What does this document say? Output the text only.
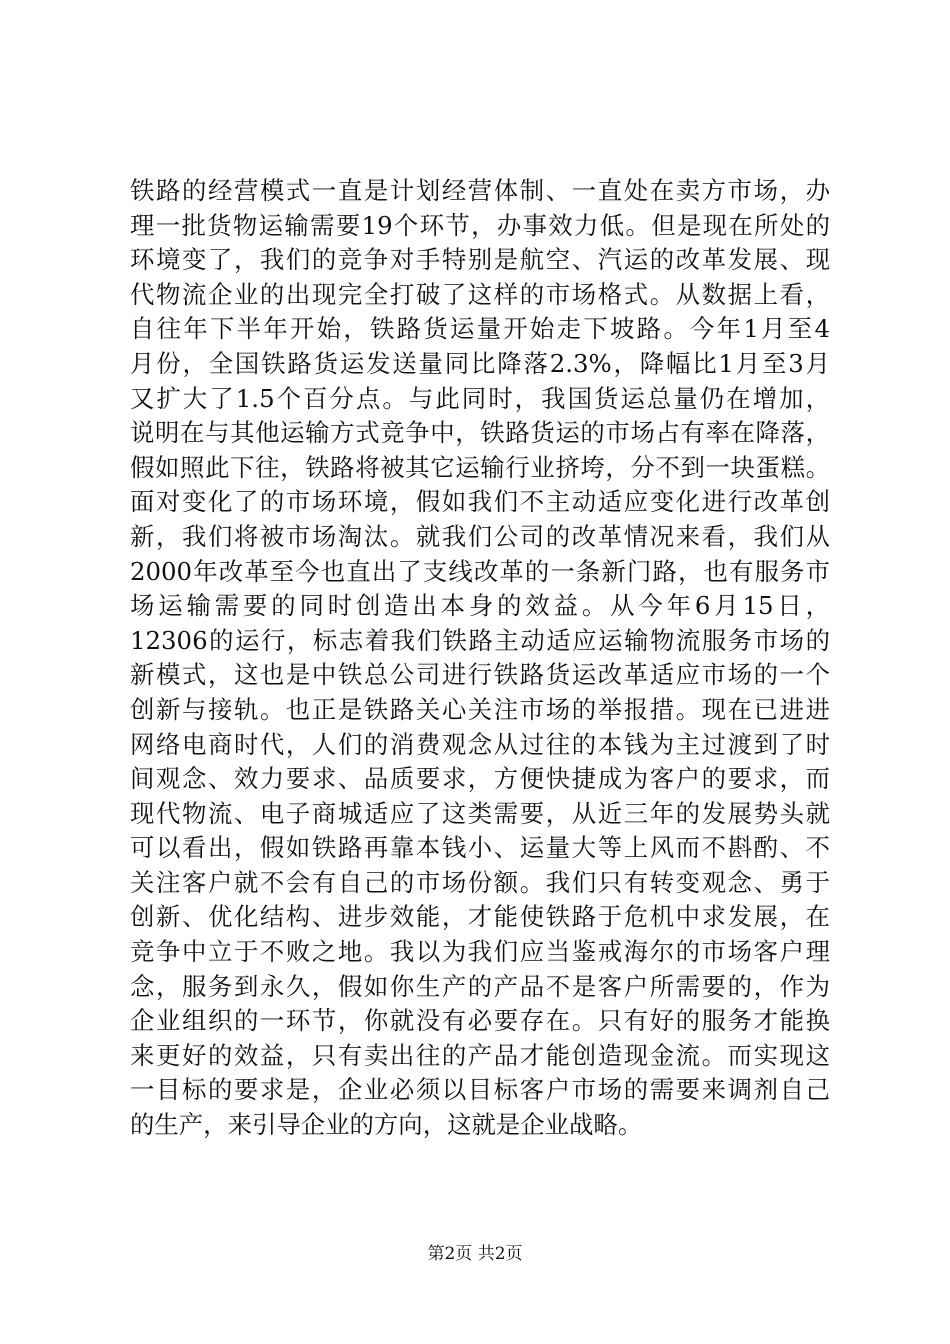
铁路的经营模式一直是计划经营体制、一直处在卖方市场，办
理一批货物运输需要19个环节，办事效力低。但是现在所处的
环境变了，我们的竞争对手特别是航空、汽运的改革发展、现
代物流企业的出现完全打破了这样的市场格式。从数据上看，
自往年下半年开始，铁路货运量开始走下坡路。今年1月至4
月份，全国铁路货运发送量同比降落2.3%，降幅比1月至3月
又扩大了1.5个百分点。与此同时，我国货运总量仍在增加，
说明在与其他运输方式竞争中，铁路货运的市场占有率在降落，
假如照此下往，铁路将被其它运输行业挤垮，分不到一块蛋糕。
面对变化了的市场环境，假如我们不主动适应变化进行改革创
新，我们将被市场淘汰。就我们公司的改革情况来看，我们从
2000年改革至今也直出了支线改革的一条新门路，也有服务市
场运输需要的同时创造出本身的效益。从今年6月15日，
12306的运行，标志着我们铁路主动适应运输物流服务市场的
新模式，这也是中铁总公司进行铁路货运改革适应市场的一个
创新与接轨。也正是铁路关心关注市场的举报措。现在已进进
网络电商时代，人们的消费观念从过往的本钱为主过渡到了时
间观念、效力要求、品质要求，方便快捷成为客户的要求，而
现代物流、电子商城适应了这类需要，从近三年的发展势头就
可以看出，假如铁路再靠本钱小、运量大等上风而不斟酌、不
关注客户就不会有自己的市场份额。我们只有转变观念、勇于
创新、优化结构、进步效能，才能使铁路于危机中求发展，在
竞争中立于不败之地。我以为我们应当鉴戒海尔的市场客户理
念，服务到永久，假如你生产的产品不是客户所需要的，作为
企业组织的一环节，你就没有必要存在。只有好的服务才能换
来更好的效益，只有卖出往的产品才能创造现金流。而实现这
一目标的要求是，企业必须以目标客户市场的需要来调剂自己
的生产，来引导企业的方向，这就是企业战略。
第2页 共2页
